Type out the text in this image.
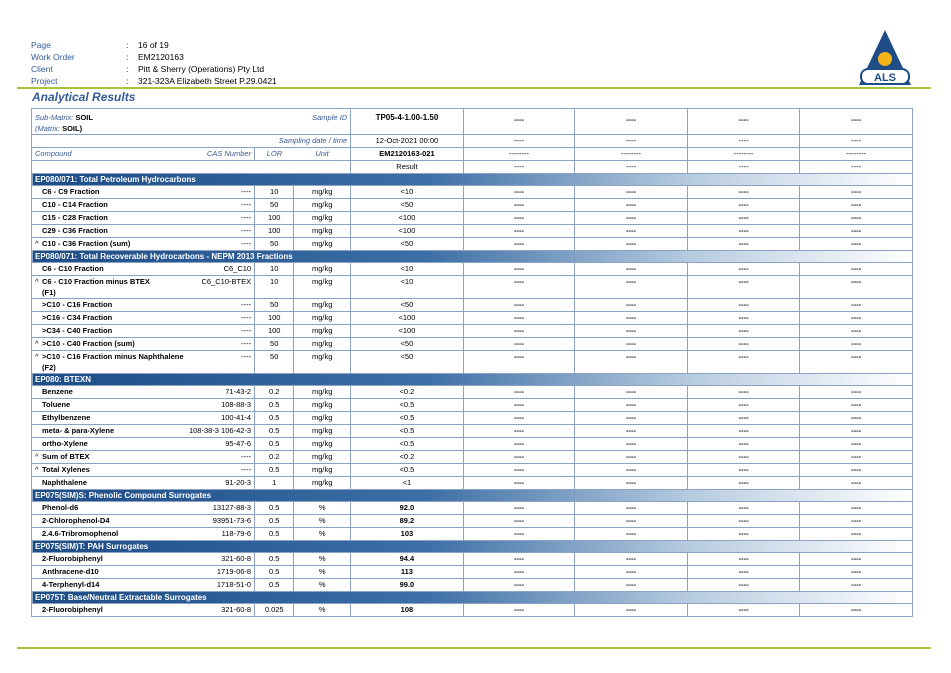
Page	:	16 of 19
Work Order	:	EM2120163
Client	:	Pitt & Sherry (Operations) Pty Ltd
Project	:	321-323A Elizabeth Street P.29.0421	ALS
Analytical Results
Sub-Matrix: SOIL
(Matrix: SOIL)		Sample ID		TP05-4-1.00-1.50	----	----	----	----
Sampling date / time				12-Oct-2021 00:00	----	----	----	----
Compound	CAS Number	LOR	Unit	EM2120163-021	--------	--------	--------	--------
				Result	----	----	----	----
EP080/071: Total Petroleum Hydrocarbons								
C6 - C9 Fraction	----	10	mg/kg	<10	----	----	----	----
C10 - C14 Fraction	----	50	mg/kg	<50	----	----	----	----
C15 - C28 Fraction	----	100	mg/kg	<100	----	----	----	----
C29 - C36 Fraction	----	100	mg/kg	<100	----	----	----	----
^ C10 - C36 Fraction (sum)	----	50	mg/kg	<50	----	----	----	----
EP080/071: Total Recoverable Hydrocarbons - NEPM 2013 Fractions								
C6 - C10 Fraction	C6_C10	10	mg/kg	<10	----	----	----	----
^ C6 - C10 Fraction minus BTEX
(F1)	C6_C10-BTEX	10	mg/kg	<10	----	----	----	----
>C10 - C16 Fraction	----	50	mg/kg	<50	----	----	----	----
>C16 - C34 Fraction	----	100	mg/kg	<100	----	----	----	----
>C34 - C40 Fraction	----	100	mg/kg	<100	----	----	----	----
^ >C10 - C40 Fraction (sum)	----	50	mg/kg	<50	----	----	----	----
^ >C10 - C16 Fraction minus Naphthalene
(F2)	----	50	mg/kg	<50	----	----	----	----
EP080: BTEXN								
Benzene	71-43-2	0.2	mg/kg	<0.2	----	----	----	----
Toluene	108-88-3	0.5	mg/kg	<0.5	----	----	----	----
Ethylbenzene	100-41-4	0.5	mg/kg	<0.5	----	----	----	----
meta- & para-Xylene	108-38-3 106-42-3	0.5	mg/kg	<0.5	----	----	----	----
ortho-Xylene	95-47-6	0.5	mg/kg	<0.5	----	----	----	----
^ Sum of BTEX	----	0.2	mg/kg	<0.2	----	----	----	----
^ Total Xylenes	----	0.5	mg/kg	<0.5	----	----	----	----
Naphthalene	91-20-3	1	mg/kg	<1	----	----	----	----
EP075(SIM)S: Phenolic Compound Surrogates								
Phenol-d6	13127-88-3	0.5	%	92.0	----	----	----	----
2-Chlorophenol-D4	93951-73-6	0.5	%	89.2	----	----	----	----
2.4.6-Tribromophenol	118-79-6	0.5	%	103	----	----	----	----
EP075(SIM)T: PAH Surrogates								
2-Fluorobiphenyl	321-60-8	0.5	%	94.4	----	----	----	----
Anthracene-d10	1719-06-8	0.5	%	113	----	----	----	----
4-Terphenyl-d14	1718-51-0	0.5	%	99.0	----	----	----	----
EP075T: Base/Neutral Extractable Surrogates								
2-Fluorobiphenyl	321-60-8	0.025	%	108	----	----	----	----
